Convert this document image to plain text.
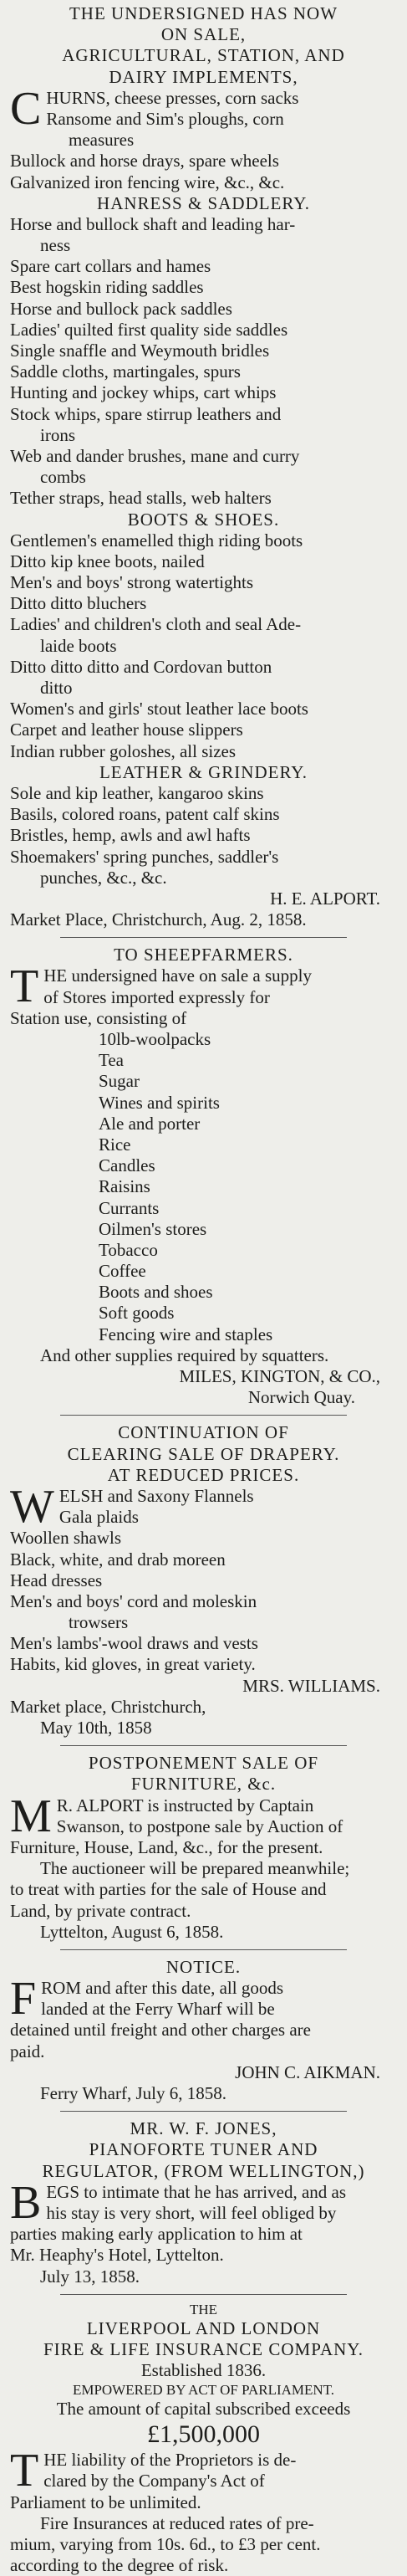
THE UNDERSIGNED HAS NOW
ON SALE,
AGRICULTURAL, STATION, AND
DAIRY IMPLEMENTS,
C HURNS, cheese presses, corn sacks
Ransome and Sim's ploughs, corn
measures
Bullock and horse drays, spare wheels
Galvanized iron fencing wire, &c., &c.
HANRESS & SADDLERY.
Horse and bullock shaft and leading har-
ness
Spare cart collars and hames
Best hogskin riding saddles
Horse and bullock pack saddles
Ladies' quilted first quality side saddles
Single snaffle and Weymouth bridles
Saddle cloths, martingales, spurs
Hunting and jockey whips, cart whips
Stock whips, spare stirrup leathers and
irons
Web and dander brushes, mane and curry
combs
Tether straps, head stalls, web halters
BOOTS & SHOES.
Gentlemen's enamelled thigh riding boots
Ditto kip knee boots, nailed
Men's and boys' strong watertights
Ditto ditto bluchers
Ladies' and children's cloth and seal Ade-
laide boots
Ditto ditto ditto and Cordovan button
ditto
Women's and girls' stout leather lace boots
Carpet and leather house slippers
Indian rubber goloshes, all sizes
LEATHER & GRINDERY.
Sole and kip leather, kangaroo skins
Basils, colored roans, patent calf skins
Bristles, hemp, awls and awl hafts
Shoemakers' spring punches, saddler's
punches, &c., &c.
H. E. ALPORT.
Market Place, Christchurch, Aug. 2, 1858.
TO SHEEPFARMERS.
T HE undersigned have on sale a supply
of Stores imported expressly for
Station use, consisting of
10lb-woolpacks
Tea
Sugar
Wines and spirits
Ale and porter
Rice
Candles
Raisins
Currants
Oilmen's stores
Tobacco
Coffee
Boots and shoes
Soft goods
Fencing wire and staples
And other supplies required by squatters.
MILES, KINGTON, & CO.,
Norwich Quay.
CONTINUATION OF
CLEARING SALE OF DRAPERY.
AT REDUCED PRICES.
W ELSH and Saxony Flannels
Gala plaids
Woollen shawls
Black, white, and drab moreen
Head dresses
Men's and boys' cord and moleskin
trowsers
Men's lambs'-wool draws and vests
Habits, kid gloves, in great variety.
MRS. WILLIAMS.
Market place, Christchurch,
May 10th, 1858
POSTPONEMENT SALE OF
FURNITURE, &c.
M R. ALPORT is instructed by Captain
Swanson, to postpone sale by Auction of
Furniture, House, Land, &c., for the present.
The auctioneer will be prepared meanwhile;
to treat with parties for the sale of House and
Land, by private contract.
Lyttelton, August 6, 1858.
NOTICE.
F ROM and after this date, all goods
landed at the Ferry Wharf will be
detained until freight and other charges are
paid.
JOHN C. AIKMAN.
Ferry Wharf, July 6, 1858.
MR. W. F. JONES,
PIANOFORTE TUNER AND
REGULATOR, (FROM WELLINGTON,)
B EGS to intimate that he has arrived, and as
his stay is very short, will feel obliged by
parties making early application to him at
Mr. Heaphy's Hotel, Lyttelton.
July 13, 1858.
THE
LIVERPOOL AND LONDON
FIRE & LIFE INSURANCE COMPANY.
Established 1836.
EMPOWERED BY ACT OF PARLIAMENT.
The amount of capital subscribed exceeds
£1,500,000
T HE liability of the Proprietors is de-
clared by the Company's Act of
Parliament to be unlimited.
Fire Insurances at reduced rates of pre-
mium, varying from 10s. 6d., to £3 per cent.
according to the degree of risk.
